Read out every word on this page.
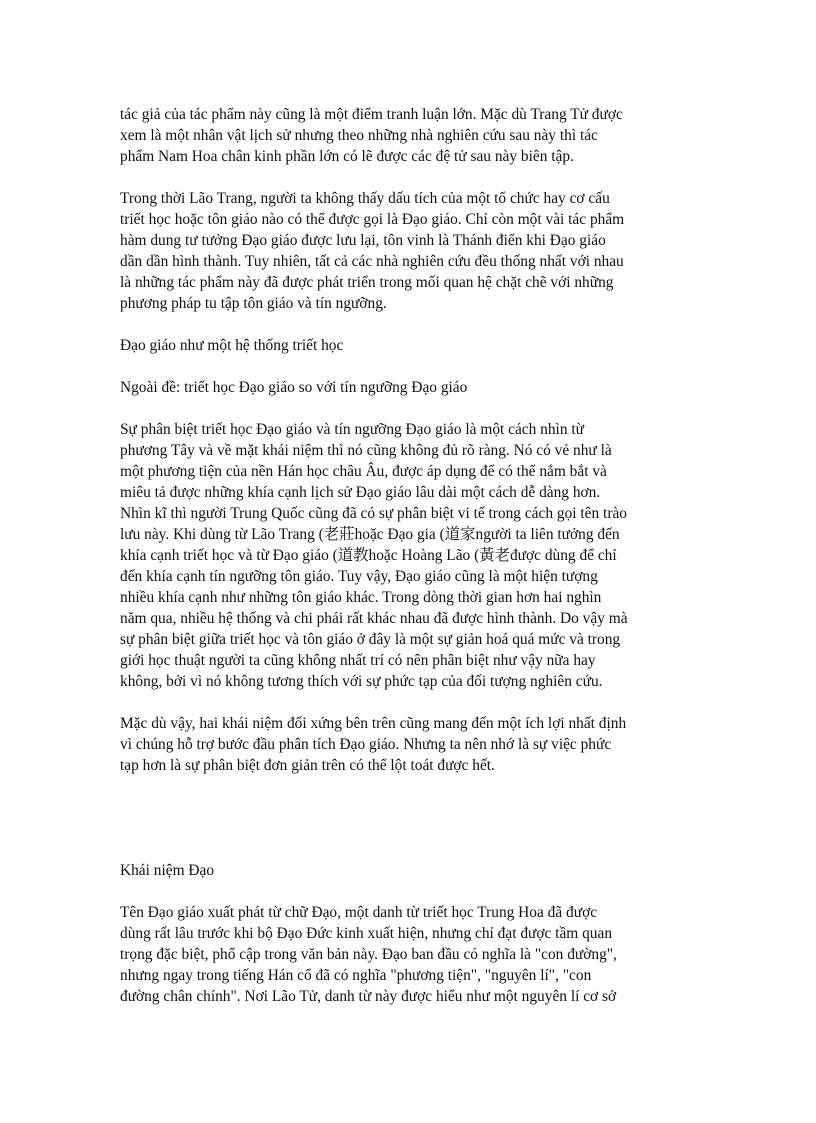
tác giả của tác phẩm này cũng là một điểm tranh luận lớn. Mặc dù Trang Tử được
xem là một nhân vật lịch sử nhưng theo những nhà nghiên cứu sau này thì tác
phẩm Nam Hoa chân kinh phần lớn có lẽ được các đệ tử sau này biên tập.
Trong thời Lão Trang, người ta không thấy dấu tích của một tổ chức hay cơ cấu
triết học hoặc tôn giáo nào có thể được gọi là Đạo giáo. Chỉ còn một vài tác phẩm
hàm dung tư tưởng Đạo giáo được lưu lại, tôn vinh là Thánh điển khi Đạo giáo
dần dần hình thành. Tuy nhiên, tất cả các nhà nghiên cứu đều thống nhất với nhau
là những tác phẩm này đã được phát triển trong mối quan hệ chặt chẽ với những
phương pháp tu tập tôn giáo và tín ngưỡng.
Đạo giáo như một hệ thống triết học
Ngoài đề: triết học Đạo giáo so với tín ngưỡng Đạo giáo
Sự phân biệt triết học Đạo giáo và tín ngưỡng Đạo giáo là một cách nhìn từ
phương Tây và về mặt khái niệm thì nó cũng không đủ rõ ràng. Nó có vẻ như là
một phương tiện của nền Hán học châu Âu, được áp dụng để có thể nắm bắt và
miêu tả được những khía cạnh lịch sử Đạo giáo lâu dài một cách dễ dàng hơn.
Nhìn kĩ thì người Trung Quốc cũng đã có sự phân biệt vi tế trong cách gọi tên trào
lưu này. Khi dùng từ Lão Trang (老莊hoặc Đạo gia (道家người ta liên tưởng đến
khía cạnh triết học và từ Đạo giáo (道教hoặc Hoàng Lão (黃老được dùng để chỉ
đến khía cạnh tín ngưỡng tôn giáo. Tuy vậy, Đạo giáo cũng là một hiện tượng
nhiều khía cạnh như những tôn giáo khác. Trong dòng thời gian hơn hai nghìn
năm qua, nhiều hệ thống và chi phái rất khác nhau đã được hình thành. Do vậy mà
sự phân biệt giữa triết học và tôn giáo ở đây là một sự giản hoá quá mức và trong
giới học thuật người ta cũng không nhất trí có nên phân biệt như vậy nữa hay
không, bởi vì nó không tương thích với sự phức tạp của đối tượng nghiên cứu.
Mặc dù vậy, hai khái niệm đối xứng bên trên cũng mang đến một ích lợi nhất định
vì chúng hỗ trợ bước đầu phân tích Đạo giáo. Nhưng ta nên nhớ là sự việc phức
tạp hơn là sự phân biệt đơn giản trên có thể lột toát được hết.
Khái niệm Đạo
Tên Đạo giáo xuất phát từ chữ Đạo, một danh từ triết học Trung Hoa đã được
dùng rất lâu trước khi bộ Đạo Đức kinh xuất hiện, nhưng chỉ đạt được tầm quan
trọng đặc biệt, phổ cập trong văn bản này. Đạo ban đầu có nghĩa là "con đường",
nhưng ngay trong tiếng Hán cổ đã có nghĩa "phương tiện", "nguyên lí", "con
đường chân chính". Nơi Lão Tử, danh từ này được hiểu như một nguyên lí cơ sở
